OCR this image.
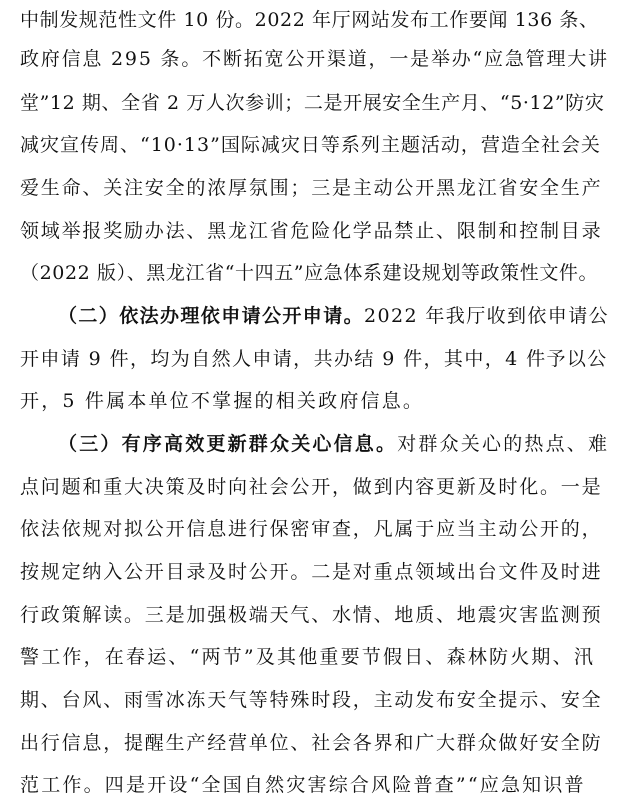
中制发规范性文件 10 份。2022 年厅网站发布工作要闻 136 条、
政府信息 295 条。不断拓宽公开渠道，一是举办“应急管理大讲
堂”12 期、全省 2 万人次参训；二是开展安全生产月、“5·12”防灾
减灾宣传周、“10·13”国际减灾日等系列主题活动，营造全社会关
爱生命、关注安全的浓厚氛围；三是主动公开黑龙江省安全生产
领域举报奖励办法、黑龙江省危险化学品禁止、限制和控制目录
（2022 版）、黑龙江省“十四五”应急体系建设规划等政策性文件。
（二）依法办理依申请公开申请。2022 年我厅收到依申请公
开申请 9 件，均为自然人申请，共办结 9 件，其中，4 件予以公
开，5 件属本单位不掌握的相关政府信息。
（三）有序高效更新群众关心信息。对群众关心的热点、难
点问题和重大决策及时向社会公开，做到内容更新及时化。一是
依法依规对拟公开信息进行保密审查，凡属于应当主动公开的，
按规定纳入公开目录及时公开。二是对重点领域出台文件及时进
行政策解读。三是加强极端天气、水情、地质、地震灾害监测预
警工作，在春运、“两节”及其他重要节假日、森林防火期、汛
期、台风、雨雪冰冻天气等特殊时段，主动发布安全提示、安全
出行信息，提醒生产经营单位、社会各界和广大群众做好安全防
范工作。四是开设“全国自然灾害综合风险普查”“应急知识普
